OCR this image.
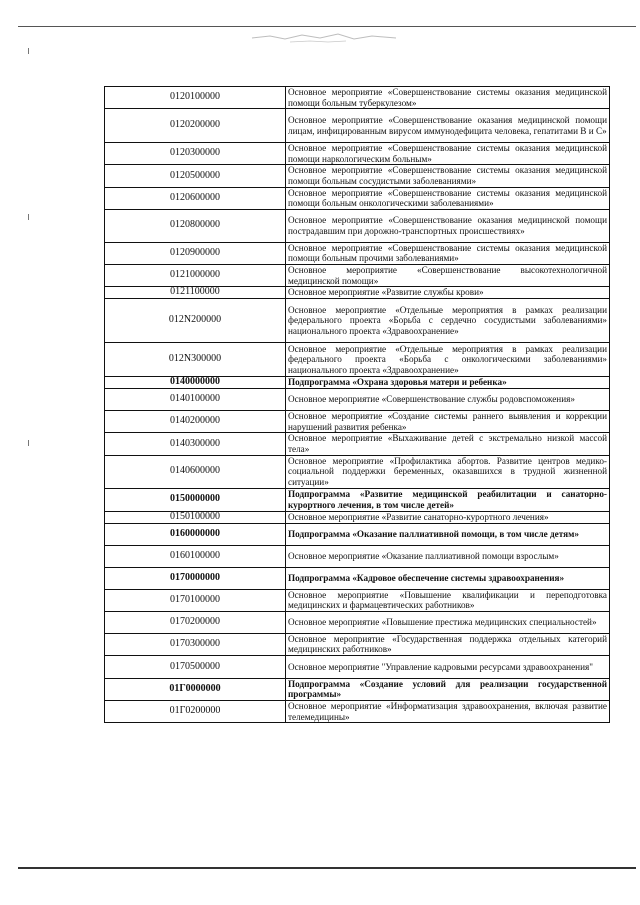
0120100000	Основное мероприятие «Совершенствование системы оказания медицинской помощи больным туберкулезом»
0120200000	Основное мероприятие «Совершенствование оказания медицинской помощи лицам, инфицированным вирусом иммунодефицита человека, гепатитами В и С»
0120300000	Основное мероприятие «Совершенствование системы оказания медицинской помощи наркологическим больным»
0120500000	Основное мероприятие «Совершенствование системы оказания медицинской помощи больным сосудистыми заболеваниями»
0120600000	Основное мероприятие «Совершенствование системы оказания медицинской помощи больным онкологическими заболеваниями»
0120800000	Основное мероприятие «Совершенствование оказания медицинской помощи пострадавшим при дорожно-транспортных происшествиях»
0120900000	Основное мероприятие «Совершенствование системы оказания медицинской помощи больным прочими заболеваниями»
0121000000	Основное мероприятие «Совершенствование высокотехнологичной медицинской помощи»
0121100000	Основное мероприятие «Развитие службы крови»
012N200000	Основное мероприятие «Отдельные мероприятия в рамках реализации федерального проекта «Борьба с сердечно сосудистыми заболеваниями» национального проекта «Здравоохранение»
012N300000	Основное мероприятие «Отдельные мероприятия в рамках реализации федерального проекта «Борьба с онкологическими заболеваниями» национального проекта «Здравоохранение»
0140000000	Подпрограмма «Охрана здоровья матери и ребенка»
0140100000	Основное мероприятие «Совершенствование службы родовспоможения»
0140200000	Основное мероприятие «Создание системы раннего выявления и коррекции нарушений развития ребенка»
0140300000	Основное мероприятие «Выхаживание детей с экстремально низкой массой тела»
0140600000	Основное мероприятие «Профилактика абортов. Развитие центров медико-социальной поддержки беременных, оказавшихся в трудной жизненной ситуации»
0150000000	Подпрограмма «Развитие медицинской реабилитации и санаторно-курортного лечения, в том числе детей»
0150100000	Основное мероприятие «Развитие санаторно-курортного лечения»
0160000000	Подпрограмма «Оказание паллиативной помощи, в том числе детям»
0160100000	Основное мероприятие «Оказание паллиативной помощи взрослым»
0170000000	Подпрограмма «Кадровое обеспечение системы здравоохранения»
0170100000	Основное мероприятие «Повышение квалификации и переподготовка медицинских и фармацевтических работников»
0170200000	Основное мероприятие «Повышение престижа медицинских специальностей»
0170300000	Основное мероприятие «Государственная поддержка отдельных категорий медицинских работников»
0170500000	Основное мероприятие "Управление кадровыми ресурсами здравоохранения"
01Г0000000	Подпрограмма «Создание условий для реализации государственной программы»
01Г0200000	Основное мероприятие «Информатизация здравоохранения, включая развитие телемедицины»
